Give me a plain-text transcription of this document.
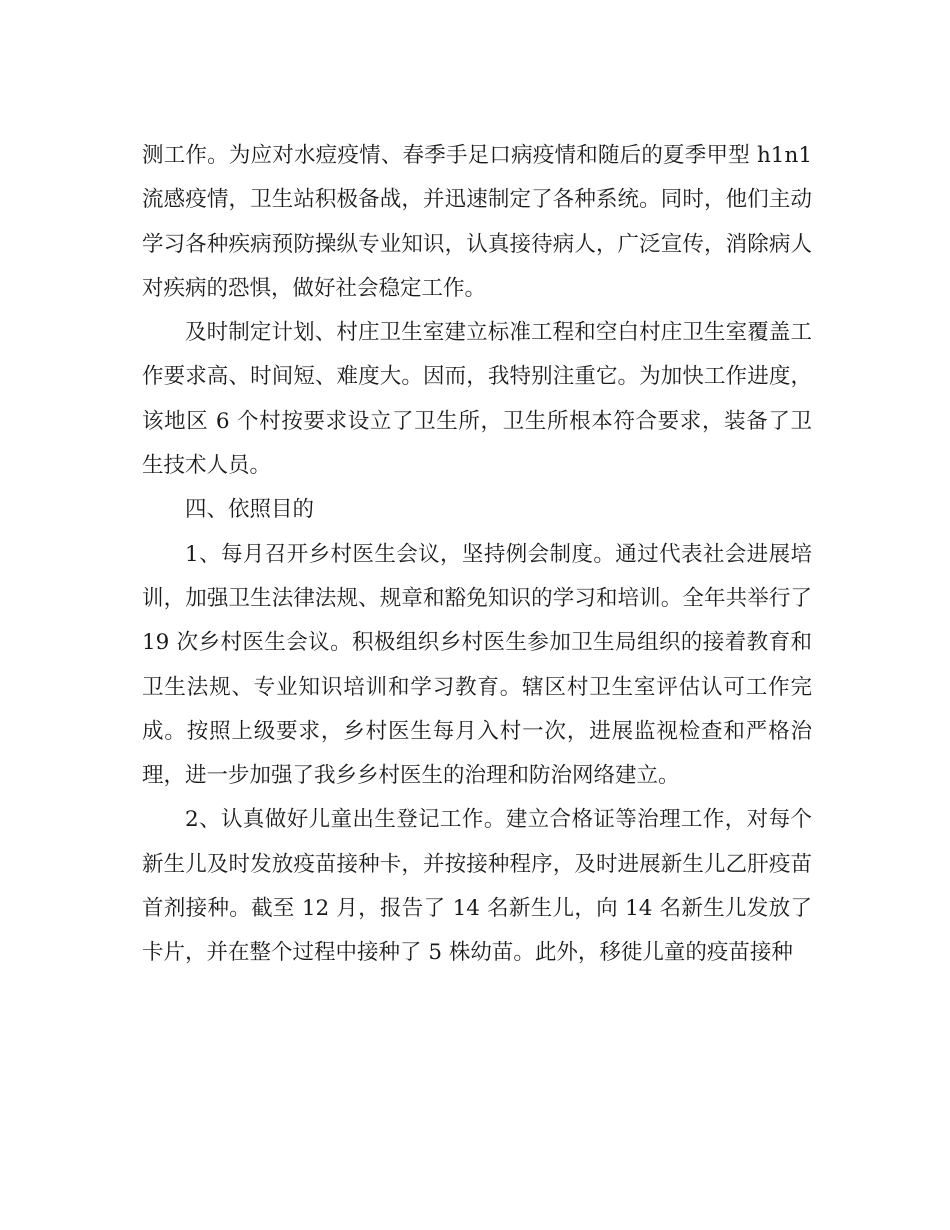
测工作。为应对水痘疫情、春季手足口病疫情和随后的夏季甲型 h1n1 流感疫情，卫生站积极备战，并迅速制定了各种系统。同时，他们主动学习各种疾病预防操纵专业知识，认真接待病人，广泛宣传，消除病人对疾病的恐惧，做好社会稳定工作。

及时制定计划、村庄卫生室建立标准工程和空白村庄卫生室覆盖工作要求高、时间短、难度大。因而，我特别注重它。为加快工作进度，该地区 6 个村按要求设立了卫生所，卫生所根本符合要求，装备了卫生技术人员。

四、依照目的

1、每月召开乡村医生会议，坚持例会制度。通过代表社会进展培训，加强卫生法律法规、规章和豁免知识的学习和培训。全年共举行了 19 次乡村医生会议。积极组织乡村医生参加卫生局组织的接着教育和卫生法规、专业知识培训和学习教育。辖区村卫生室评估认可工作完成。按照上级要求，乡村医生每月入村一次，进展监视检查和严格治理，进一步加强了我乡乡村医生的治理和防治网络建立。

2、认真做好儿童出生登记工作。建立合格证等治理工作，对每个新生儿及时发放疫苗接种卡，并按接种程序，及时进展新生儿乙肝疫苗首剂接种。截至 12 月，报告了 14 名新生儿，向 14 名新生儿发放了卡片，并在整个过程中接种了 5 株幼苗。此外，移徙儿童的疫苗接种
